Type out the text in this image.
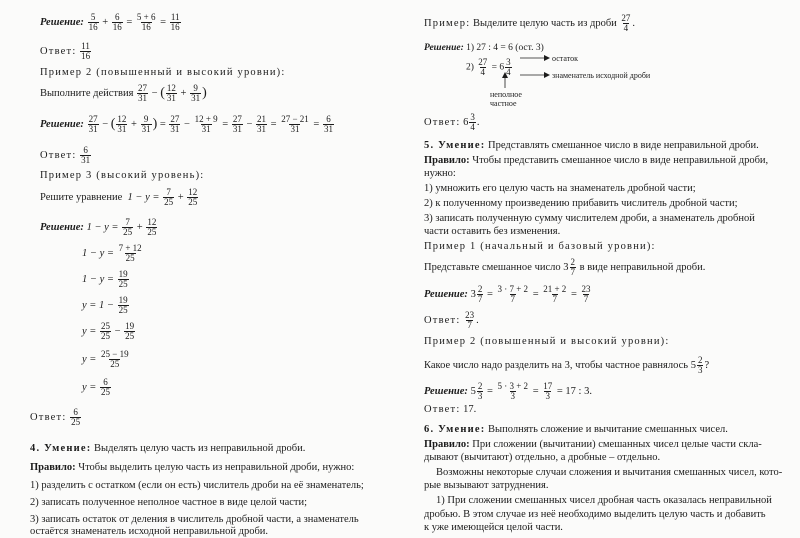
Решение: $\frac{5}{16} + \frac{6}{16} = \frac{5 + 6}{16} = \frac{11}{16}$
Ответ: $\frac{11}{16}$
Пример 2 (повышенный и высокий уровни):
Выполните действия $\frac{27}{31}$ − ( $\frac{12}{31} + \frac{9}{31}$ )
Решение: $\frac{27}{31}$ − ( $\frac{12}{31} + \frac{9}{31}$ ) = $\frac{27}{31} - \frac{12 + 9}{31} = \frac{27}{31} - \frac{21}{31} = \frac{27 - 21}{31} = \frac{6}{31}$
Ответ: $\frac{6}{31}$
Пример 3 (высокий уровень):
Решите уравнение $1 - y = \frac{7}{25} + \frac{12}{25}$
Решение: $1 - y = \frac{7}{25} + \frac{12}{25}$
$1 - y = \frac{7 + 12}{25}$
$1 - y = \frac{19}{25}$
$y = 1 - \frac{19}{25}$
$y = \frac{25}{25} - \frac{19}{25}$
$y = \frac{25 - 19}{25}$
$y = \frac{6}{25}$
Ответ: $\frac{6}{25}$
4. Умение: Выделять целую часть из неправильной дроби.
Правило: Чтобы выделить целую часть из неправильной дроби, нужно:
1) разделить с остатком (если он есть) числитель дроби на её знаменатель;
2) записать полученное неполное частное в виде целой части;
3) записать остаток от деления в числитель дробной части, а знаменатель
остаётся знаменатель исходной неправильной дроби.
Пример: Выделите целую часть из дроби $\frac{27}{4}$ .
Решение: 1) 27 : 4 = 6 (ост. 3)
$2) \frac{27}{4} = 6 \frac{3}{4}$	остаток
знаменатель исходной дроби
неполное
частное
Ответ: $6 \frac{3}{4}$ .
5. Умение: Представлять смешанное число в виде неправильной дроби.
Правило: Чтобы представить смешанное число в виде неправильной дроби,
нужно:
1) умножить его целую часть на знаменатель дробной части;
2) к полученному произведению прибавить числитель дробной части;
3) записать полученную сумму числителем дроби, а знаменатель дробной
части оставить без изменения.
Пример 1 (начальный и базовый уровни):
Представьте смешанное число $3 \frac{2}{7}$ в виде неправильной дроби.
Решение: $3 \frac{2}{7} = \frac{3 \cdot 7 + 2}{7} = \frac{21 + 2}{7} = \frac{23}{7}$
Ответ: $\frac{23}{7}$ .
Пример 2 (повышенный и высокий уровни):
Какое число надо разделить на 3, чтобы частное равнялось $5 \frac{2}{3}$ ?
Решение: $5 \frac{2}{3} = \frac{5 \cdot 3 + 2}{3} = \frac{17}{3} = 17$ : 3.
Ответ: 17.
6. Умение: Выполнять сложение и вычитание смешанных чисел.
Правило: При сложении (вычитании) смешанных чисел целые части скла-
дывают (вычитают) отдельно, а дробные – отдельно.
Возможны некоторые случаи сложения и вычитания смешанных чисел, кото-
рые вызывают затруднения.
1) При сложении смешанных чисел дробная часть оказалась неправильной
дробью. В этом случае из неё необходимо выделить целую часть и добавить
к уже имеющейся целой части.
